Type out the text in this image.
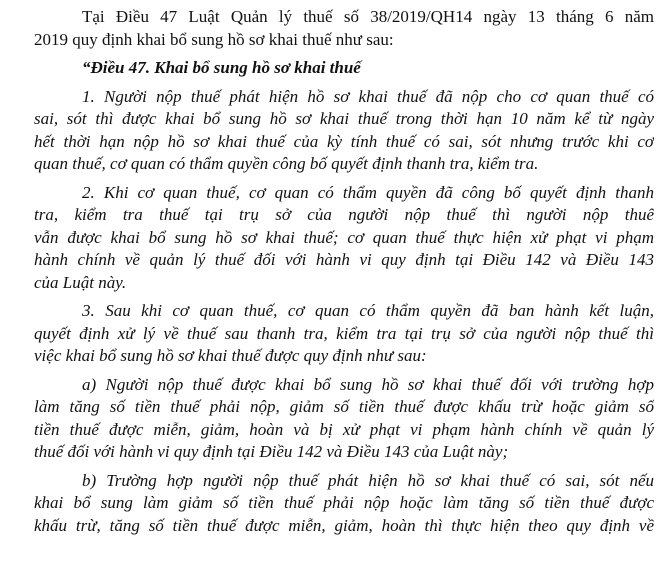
Tại Điều 47 Luật Quản lý thuế số 38/2019/QH14 ngày 13 tháng 6 năm
2019 quy định khai bổ sung hồ sơ khai thuế như sau:
“Điều 47. Khai bổ sung hồ sơ khai thuế
1. Người nộp thuế phát hiện hồ sơ khai thuế đã nộp cho cơ quan thuế có
sai, sót thì được khai bổ sung hồ sơ khai thuế trong thời hạn 10 năm kể từ ngày
hết thời hạn nộp hồ sơ khai thuế của kỳ tính thuế có sai, sót nhưng trước khi cơ
quan thuế, cơ quan có thẩm quyền công bố quyết định thanh tra, kiểm tra.
2. Khi cơ quan thuế, cơ quan có thẩm quyền đã công bố quyết định thanh
tra, kiểm tra thuế tại trụ sở của người nộp thuế thì người nộp thuế
vẫn được khai bổ sung hồ sơ khai thuế; cơ quan thuế thực hiện xử phạt vi phạm
hành chính về quản lý thuế đối với hành vi quy định tại Điều 142 và Điều 143
của Luật này.
3. Sau khi cơ quan thuế, cơ quan có thẩm quyền đã ban hành kết luận,
quyết định xử lý về thuế sau thanh tra, kiểm tra tại trụ sở của người nộp thuế thì
việc khai bổ sung hồ sơ khai thuế được quy định như sau:
a) Người nộp thuế được khai bổ sung hồ sơ khai thuế đối với trường hợp
làm tăng số tiền thuế phải nộp, giảm số tiền thuế được khấu trừ hoặc giảm số
tiền thuế được miễn, giảm, hoàn và bị xử phạt vi phạm hành chính về quản lý
thuế đối với hành vi quy định tại Điều 142 và Điều 143 của Luật này;
b) Trường hợp người nộp thuế phát hiện hồ sơ khai thuế có sai, sót nếu
khai bổ sung làm giảm số tiền thuế phải nộp hoặc làm tăng số tiền thuế được
khấu trừ, tăng số tiền thuế được miễn, giảm, hoàn thì thực hiện theo quy định về
